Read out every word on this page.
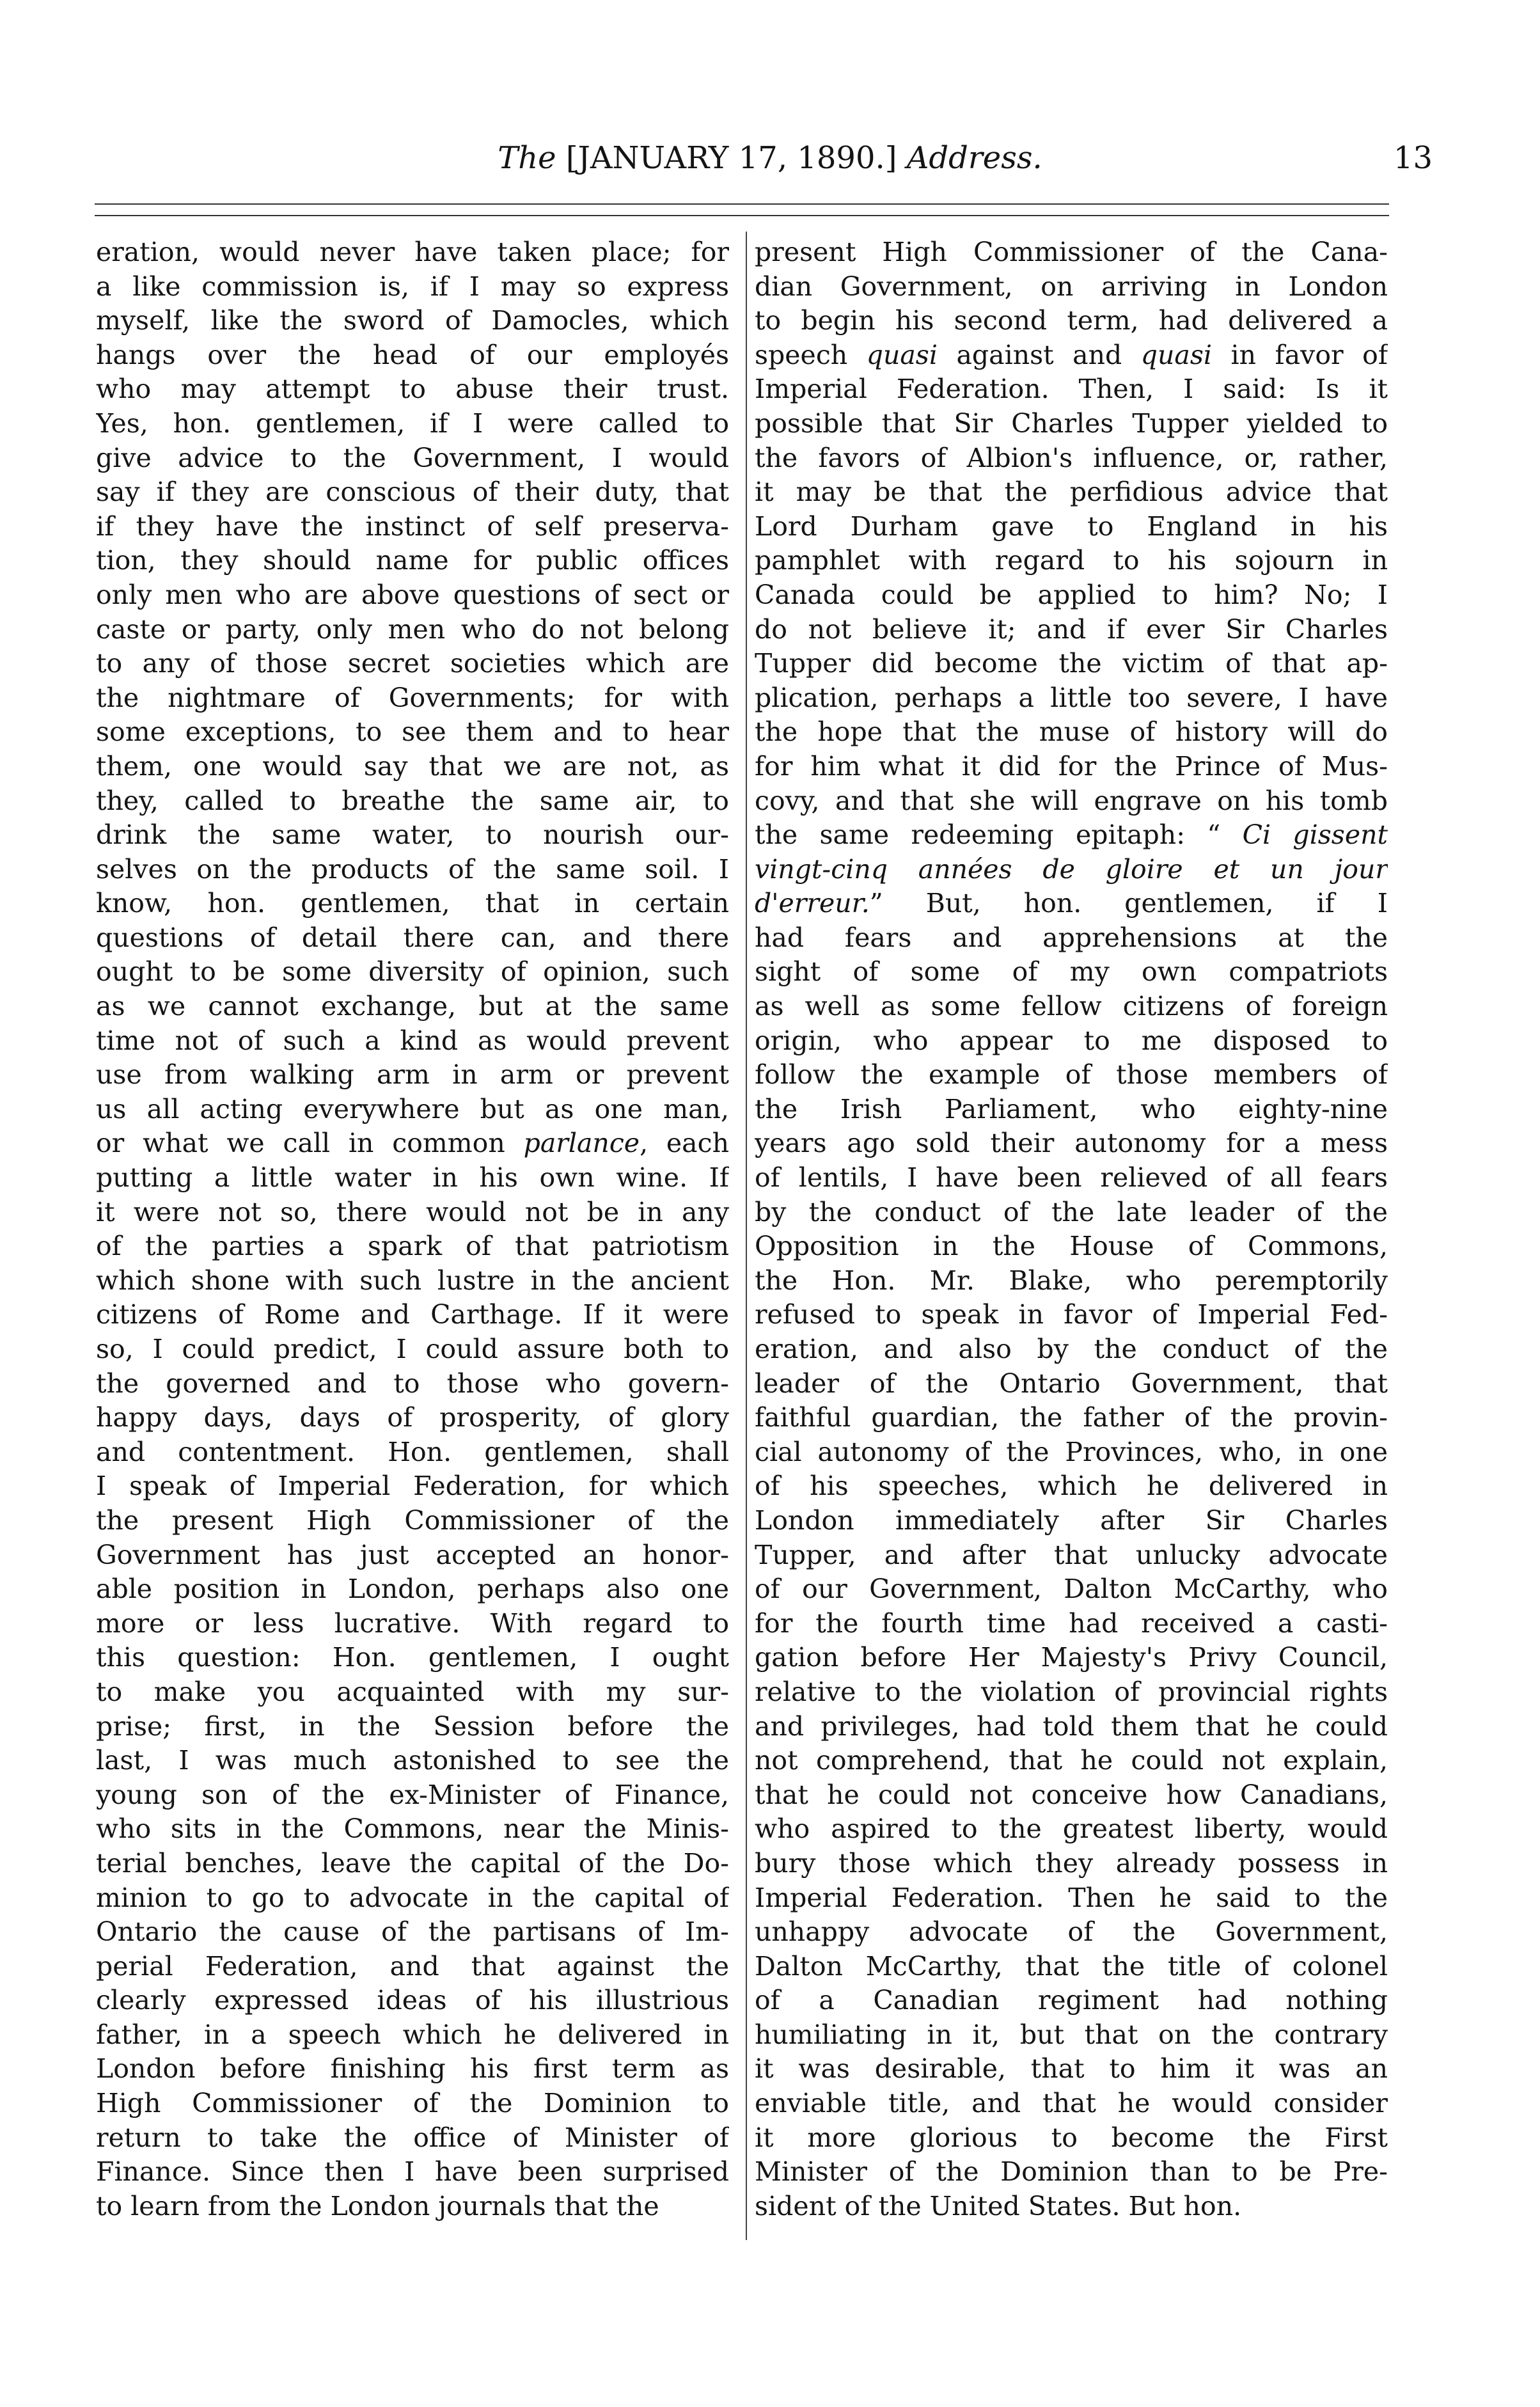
The [JANUARY 17, 1890.] Address.	13
eration, would never have taken place; for
a like commission is, if I may so express
myself, like the sword of Damocles, which
hangs over the head of our employés
who may attempt to abuse their trust.
Yes, hon. gentlemen, if I were called to
give advice to the Government, I would
say if they are conscious of their duty, that
if they have the instinct of self preserva-
tion, they should name for public offices
only men who are above questions of sect or
caste or party, only men who do not belong
to any of those secret societies which are
the nightmare of Governments; for with
some exceptions, to see them and to hear
them, one would say that we are not, as
they, called to breathe the same air, to
drink the same water, to nourish our-
selves on the products of the same soil. I
know, hon. gentlemen, that in certain
questions of detail there can, and there
ought to be some diversity of opinion, such
as we cannot exchange, but at the same
time not of such a kind as would prevent
use from walking arm in arm or prevent
us all acting everywhere but as one man,
or what we call in common parlance, each
putting a little water in his own wine. If
it were not so, there would not be in any
of the parties a spark of that patriotism
which shone with such lustre in the ancient
citizens of Rome and Carthage. If it were
so, I could predict, I could assure both to
the governed and to those who govern-
happy days, days of prosperity, of glory
and contentment. Hon. gentlemen, shall
I speak of Imperial Federation, for which
the present High Commissioner of the
Government has just accepted an honor-
able position in London, perhaps also one
more or less lucrative. With regard to
this question: Hon. gentlemen, I ought
to make you acquainted with my sur-
prise; first, in the Session before the
last, I was much astonished to see the
young son of the ex-Minister of Finance,
who sits in the Commons, near the Minis-
terial benches, leave the capital of the Do-
minion to go to advocate in the capital of
Ontario the cause of the partisans of Im-
perial Federation, and that against the
clearly expressed ideas of his illustrious
father, in a speech which he delivered in
London before finishing his first term as
High Commissioner of the Dominion to
return to take the office of Minister of
Finance. Since then I have been surprised
to learn from the London journals that the
present High Commissioner of the Cana-
dian Government, on arriving in London
to begin his second term, had delivered a
speech quasi against and quasi in favor of
Imperial Federation. Then, I said: Is it
possible that Sir Charles Tupper yielded to
the favors of Albion's influence, or, rather,
it may be that the perfidious advice that
Lord Durham gave to England in his
pamphlet with regard to his sojourn in
Canada could be applied to him? No; I
do not believe it; and if ever Sir Charles
Tupper did become the victim of that ap-
plication, perhaps a little too severe, I have
the hope that the muse of history will do
for him what it did for the Prince of Mus-
covy, and that she will engrave on his tomb
the same redeeming epitaph: “ Ci gissent
vingt-cinq années de gloire et un jour
d'erreur.” But, hon. gentlemen, if I
had fears and apprehensions at the
sight of some of my own compatriots
as well as some fellow citizens of foreign
origin, who appear to me disposed to
follow the example of those members of
the Irish Parliament, who eighty-nine
years ago sold their autonomy for a mess
of lentils, I have been relieved of all fears
by the conduct of the late leader of the
Opposition in the House of Commons,
the Hon. Mr. Blake, who peremptorily
refused to speak in favor of Imperial Fed-
eration, and also by the conduct of the
leader of the Ontario Government, that
faithful guardian, the father of the provin-
cial autonomy of the Provinces, who, in one
of his speeches, which he delivered in
London immediately after Sir Charles
Tupper, and after that unlucky advocate
of our Government, Dalton McCarthy, who
for the fourth time had received a casti-
gation before Her Majesty's Privy Council,
relative to the violation of provincial rights
and privileges, had told them that he could
not comprehend, that he could not explain,
that he could not conceive how Canadians,
who aspired to the greatest liberty, would
bury those which they already possess in
Imperial Federation. Then he said to the
unhappy advocate of the Government,
Dalton McCarthy, that the title of colonel
of a Canadian regiment had nothing
humiliating in it, but that on the contrary
it was desirable, that to him it was an
enviable title, and that he would consider
it more glorious to become the First
Minister of the Dominion than to be Pre-
sident of the United States. But hon.
